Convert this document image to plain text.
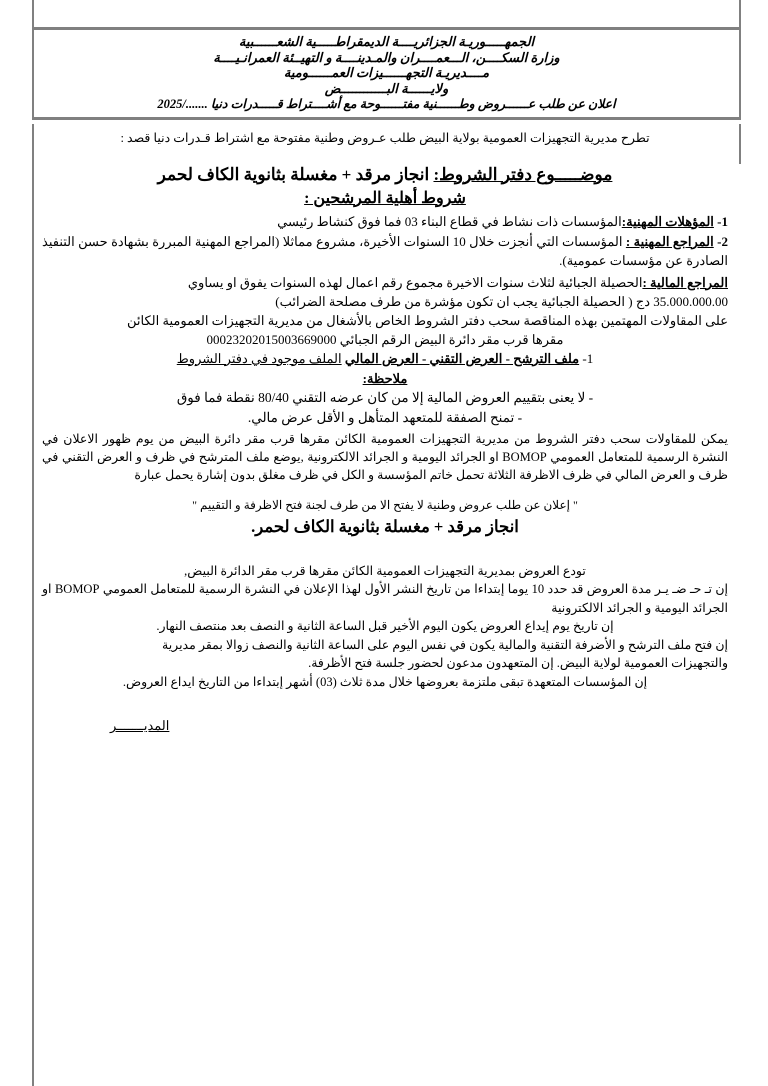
الجمهـــــوريـة الجزائريــــة الديمقراطـــــية الشعــــــبية
وزارة السكــــن، الـــعمــــران والمـدينــــة و التهيــئة العمرانـيــــة
مــــديريـة التجهــــــيزات العمــــــومية
ولايــــــة البــــــــــــض
اعلان عن طلب عــــــروض وطــــــنية مفتــــــوحة مع أشــــتراط قـــــدرات دنيا ......./2025
تطرح مديرية التجهيزات العمومية بولاية البيض طلب عـروض وطنية مفتوحة مع اشتراط قـدرات دنيا قصد :
موضـــــوع دفتر الشروط: انجاز مرقد + مغسلة بثانوية الكاف لحمر
شروط أهلية المرشحين :
1- المؤهلات المهنية:المؤسسات ذات نشاط في قطاع البناء 03 فما فوق كنشاط رئيسي
2- المراجع المهنية : المؤسسات التي أنجزت خلال 10 السنوات الأخيرة، مشروع مماثلا (المراجع المهنية المبررة بشهادة حسن التنفيذ الصادرة عن مؤسسات عمومية).
المراجع المالية :الحصيلة الجبائية لثلاث سنوات الاخيرة مجموع رقم اعمال لهذه السنوات يفوق او يساوي
35.000.000.00 دج ( الحصيلة الجبائية يجب ان تكون مؤشرة من طرف مصلحة الضرائب)
على المقاولات المهتمين بهذه المناقصة سحب دفتر الشروط الخاص بالأشغال من مديرية التجهيزات العمومية الكائن
مقرها قرب مقر دائرة البيض الرقم الجبائي 00023202015003669000
1- ملف الترشح - العرض التقني - العرض المالي الملف موجود في دفتر الشروط
ملاحظة:
- لا يعنى بتقييم العروض المالية إلا من كان عرضه التقني 80/40 نقطة فما فوق
- تمنح الصفقة للمتعهد المتأهل و الأقل عرض مالي.
يمكن للمقاولات سحب دفتر الشروط من مديرية التجهيزات العمومية الكائن مقرها قرب مقر دائرة البيض من يوم ظهور الاعلان في النشرة الرسمية للمتعامل العمومي BOMOP او الجرائد اليومية و الجرائد الالكترونية ,يوضع ملف المترشح في ظرف و العرض التقني في ظرف و العرض المالي في ظرف الاظرفة الثلاثة تحمل خاتم المؤسسة و الكل في ظرف مغلق بدون إشارة يحمل عبارة
" إعلان عن طلب عروض وطنية لا يفتح الا من طرف لجنة فتح الاظرفة و التقييم "
انجاز مرقد + مغسلة بثانوية الكاف لحمر.
تودع العروض بمديرية التجهيزات العمومية الكائن مقرها قرب مقر الدائرة البيض,
إن تـ حـ ضـ يـر مدة العروض قد حدد 10 يوما إبتداءا من تاريخ النشر الأول لهذا الإعلان في النشرة الرسمية للمتعامل العمومي BOMOP او الجرائد اليومية و الجرائد الالكترونية
إن تاريخ يوم إيداع العروض يكون اليوم الأخير قبل الساعة الثانية و النصف بعد منتصف النهار.
إن فتح ملف الترشح و الأضرفة التقنية والمالية يكون في نفس اليوم على الساعة الثانية والنصف زوالا بمقر مديرية
والتجهيزات العمومية لولاية البيض. إن المتعهدون مدعون لحضور جلسة فتح الأظرفة.
إن المؤسسات المتعهدة تبقى ملتزمة بعروضها خلال مدة ثلاث (03) أشهر إبتداءا من التاريخ ايداع العروض.
المديـــــــر
